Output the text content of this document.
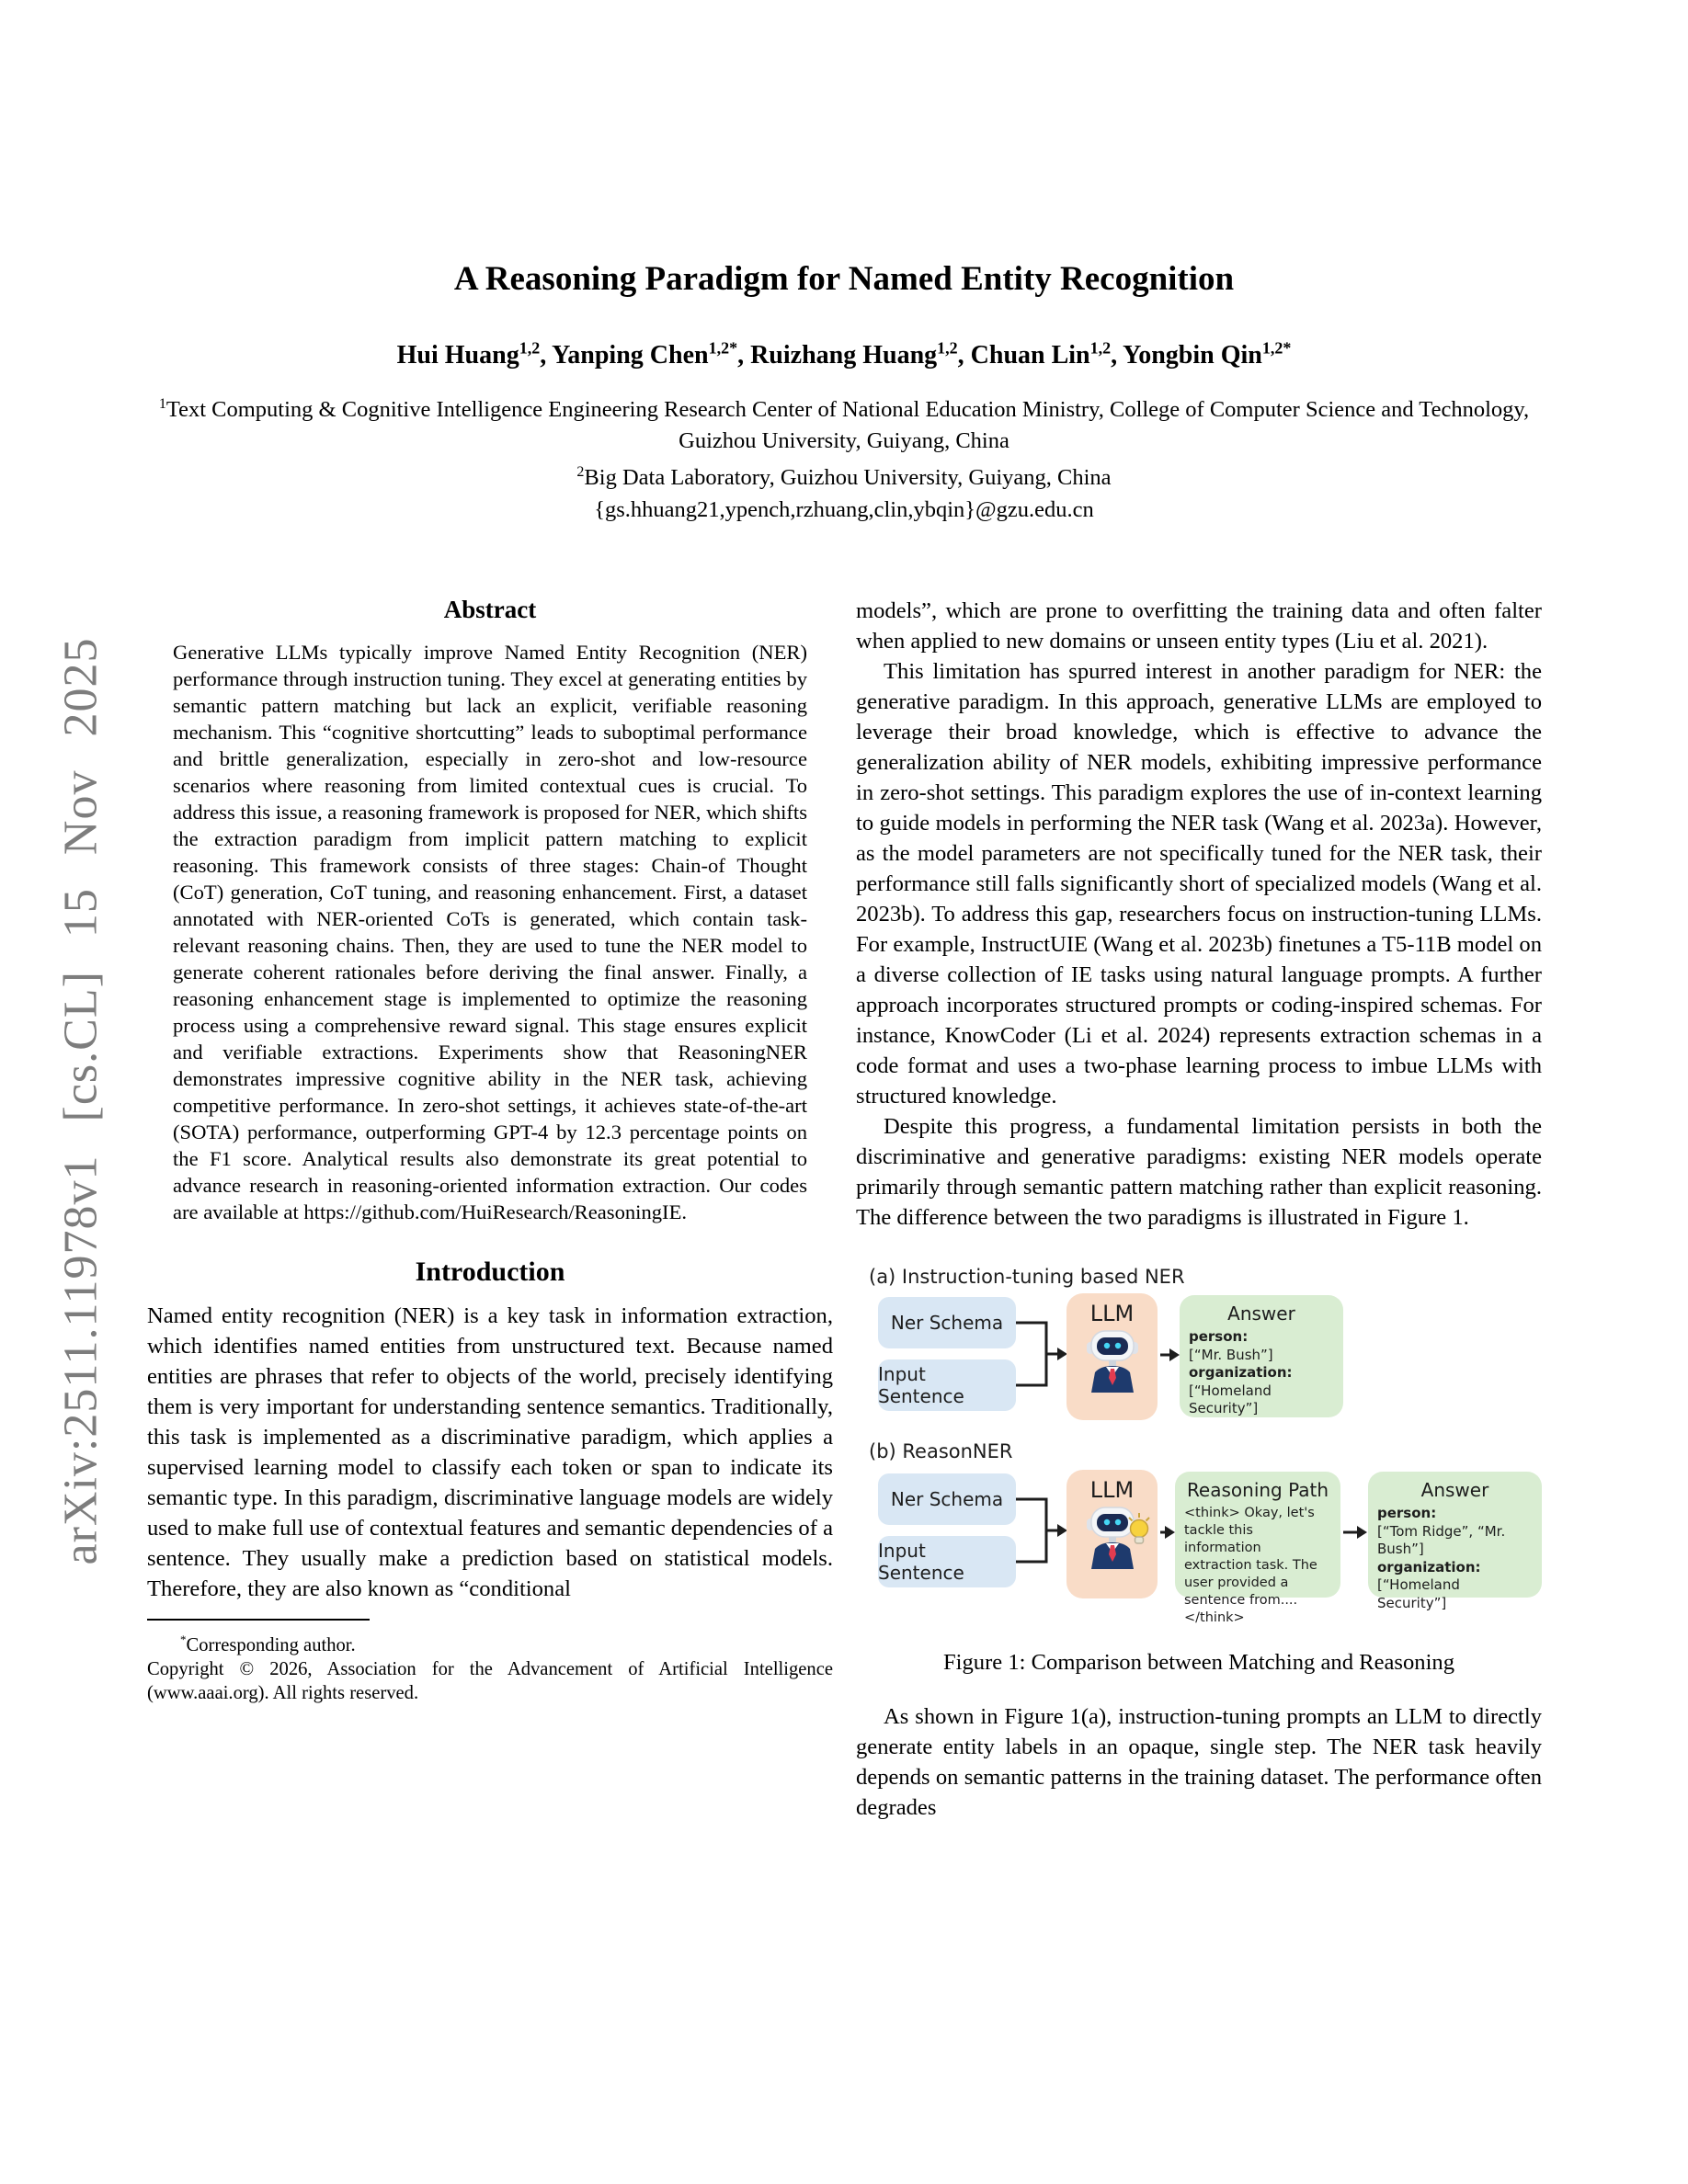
arXiv:2511.11978v1 [cs.CL] 15 Nov 2025
A Reasoning Paradigm for Named Entity Recognition
Hui Huang$^{1,2}$, Yanping Chen$^{1,2*}$, Ruizhang Huang$^{1,2}$, Chuan Lin$^{1,2}$, Yongbin Qin$^{1,2*}$
$^1$Text Computing & Cognitive Intelligence Engineering Research Center of National Education Ministry, College of Computer Science and Technology, Guizhou University, Guiyang, China
$^2$Big Data Laboratory, Guizhou University, Guiyang, China
{gs.hhuang21,ypench,rzhuang,clin,ybqin}@gzu.edu.cn
Abstract

Generative LLMs typically improve Named Entity Recognition (NER) performance through instruction tuning. They excel at generating entities by semantic pattern matching but lack an explicit, verifiable reasoning mechanism. This “cognitive shortcutting” leads to suboptimal performance and brittle generalization, especially in zero-shot and low-resource scenarios where reasoning from limited contextual cues is crucial. To address this issue, a reasoning framework is proposed for NER, which shifts the extraction paradigm from implicit pattern matching to explicit reasoning. This framework consists of three stages: Chain-of Thought (CoT) generation, CoT tuning, and reasoning enhancement. First, a dataset annotated with NER-oriented CoTs is generated, which contain task-relevant reasoning chains. Then, they are used to tune the NER model to generate coherent rationales before deriving the final answer. Finally, a reasoning enhancement stage is implemented to optimize the reasoning process using a comprehensive reward signal. This stage ensures explicit and verifiable extractions. Experiments show that ReasoningNER demonstrates impressive cognitive ability in the NER task, achieving competitive performance. In zero-shot settings, it achieves state-of-the-art (SOTA) performance, outperforming GPT-4 by 12.3 percentage points on the F1 score. Analytical results also demonstrate its great potential to advance research in reasoning-oriented information extraction. Our codes are available at https://github.com/HuiResearch/ReasoningIE.

Introduction

Named entity recognition (NER) is a key task in information extraction, which identifies named entities from unstructured text. Because named entities are phrases that refer to objects of the world, precisely identifying them is very important for understanding sentence semantics. Traditionally, this task is implemented as a discriminative paradigm, which applies a supervised learning model to classify each token or span to indicate its semantic type. In this paradigm, discriminative language models are widely used to make full use of contextual features and semantic dependencies of a sentence. They usually make a prediction based on statistical models. Therefore, they are also known as “conditional

*Corresponding author.
Copyright © 2026, Association for the Advancement of Artificial Intelligence (www.aaai.org). All rights reserved.

models”, which are prone to overfitting the training data and often falter when applied to new domains or unseen entity types (Liu et al. 2021).

This limitation has spurred interest in another paradigm for NER: the generative paradigm. In this approach, generative LLMs are employed to leverage their broad knowledge, which is effective to advance the generalization ability of NER models, exhibiting impressive performance in zero-shot settings. This paradigm explores the use of in-context learning to guide models in performing the NER task (Wang et al. 2023a). However, as the model parameters are not specifically tuned for the NER task, their performance still falls significantly short of specialized models (Wang et al. 2023b). To address this gap, researchers focus on instruction-tuning LLMs. For example, InstructUIE (Wang et al. 2023b) finetunes a T5-11B model on a diverse collection of IE tasks using natural language prompts. A further approach incorporates structured prompts or coding-inspired schemas. For instance, KnowCoder (Li et al. 2024) represents extraction schemas in a code format and uses a two-phase learning process to imbue LLMs with structured knowledge.

Despite this progress, a fundamental limitation persists in both the discriminative and generative paradigms: existing NER models operate primarily through semantic pattern matching rather than explicit reasoning. The difference between the two paradigms is illustrated in Figure 1.

(a) Instruction-tuning based NER
Ner Schema
Input Sentence
LLM	Answer
person:
[“Mr. Bush”]
organization:
[“Homeland Security”]
(b) ReasonNER
Ner Schema
Input Sentence
LLM	Reasoning Path
<think> Okay, let's tackle this information extraction task. The user provided a sentence from.... </think>
Answer
person:
[“Tom Ridge”, “Mr. Bush”]
organization:
[“Homeland Security”]
Figure 1: Comparison between Matching and Reasoning

As shown in Figure 1(a), instruction-tuning prompts an LLM to directly generate entity labels in an opaque, single step. The NER task heavily depends on semantic patterns in the training dataset. The performance often degrades
